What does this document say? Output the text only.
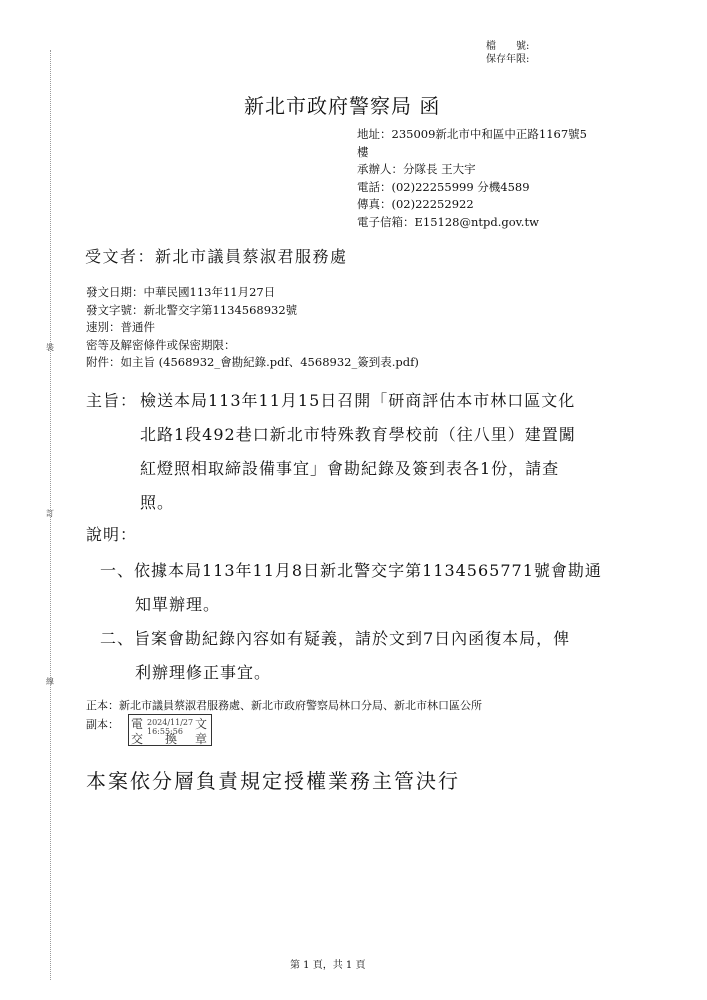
裝
訂
線
檔　　號:
保存年限:
新北市政府警察局 函
地址：235009新北市中和區中正路1167號5
樓
承辦人：分隊長 王大宇
電話：(02)22255999 分機4589
傳真：(02)22252922
電子信箱：E15128@ntpd.gov.tw
受文者：新北市議員蔡淑君服務處
發文日期：中華民國113年11月27日
發文字號：新北警交字第1134568932號
速別：普通件
密等及解密條件或保密期限：
附件：如主旨 (4568932_會勘紀錄.pdf、4568932_簽到表.pdf)
主旨： 檢送本局113年11月15日召開「研商評估本市林口區文化
北路1段492巷口新北市特殊教育學校前（往八里）建置闖
紅燈照相取締設備事宜」會勘紀錄及簽到表各1份，請查
照。
說明：
一、依據本局113年11月8日新北警交字第1134565771號會勘通
知單辦理。
二、旨案會勘紀錄內容如有疑義，請於文到7日內函復本局，俾
利辦理修正事宜。
正本：新北市議員蔡淑君服務處、新北市政府警察局林口分局、新北市林口區公所
副本：	電	文
交 換 章
2024/11/27
16:55:56
本案依分層負責規定授權業務主管決行
第 1 頁，共 1 頁
